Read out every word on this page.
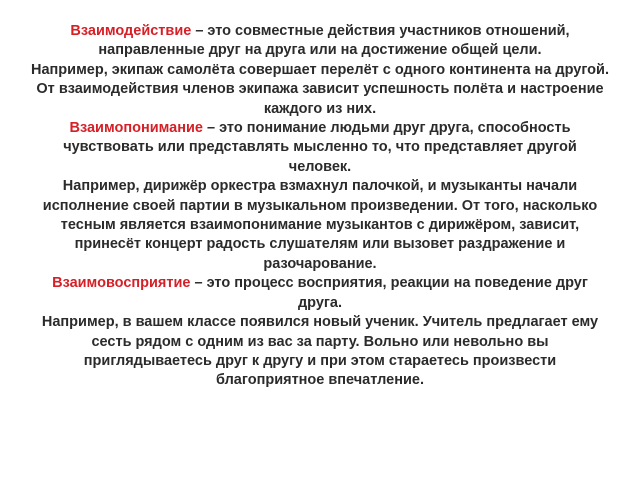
Взаимодействие – это совместные действия участников отношений, направленные друг на друга или на достижение общей цели.

Например, экипаж самолёта совершает перелёт с одного континента на другой. От взаимодействия членов экипажа зависит успешность полёта и настроение каждого из них.

Взаимопонимание – это понимание людьми друг друга, способность чувствовать или представлять мысленно то, что представляет другой человек.

Например, дирижёр оркестра взмахнул палочкой, и музыканты начали исполнение своей партии в музыкальном произведении. От того, насколько тесным является взаимопонимание музыкантов с дирижёром, зависит, принесёт концерт радость слушателям или вызовет раздражение и разочарование.

Взаимовосприятие – это процесс восприятия, реакции на поведение друг друга.

Например, в вашем классе появился новый ученик. Учитель предлагает ему сесть рядом с одним из вас за парту. Вольно или невольно вы приглядываетесь друг к другу и при этом стараетесь произвести благоприятное впечатление.
